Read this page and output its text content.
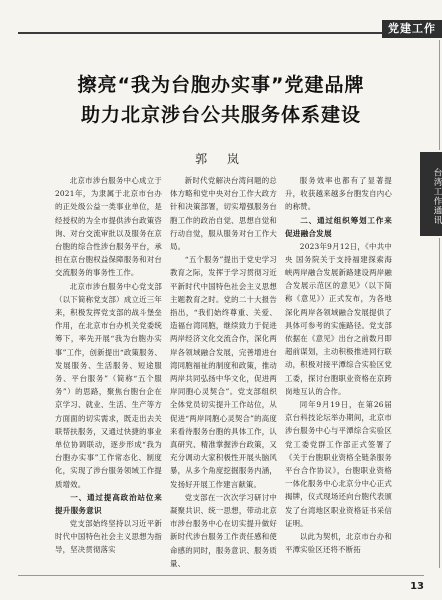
党建工作
擦亮“我为台胞办实事”党建品牌
助力北京涉台公共服务体系建设
郭 岚

北京市涉台服务中心成立于2021年，为隶属于北京市台办的正处级公益一类事业单位，是经授权的为全市提供涉台政策咨询、对台交流审批以及服务在京台胞的综合性涉台服务平台，承担在京台胞权益保障服务和对台交流服务的事务性工作。

北京市涉台服务中心党支部（以下简称党支部）成立近三年来，积极发挥党支部的战斗堡垒作用，在北京市台办机关党委统筹下，率先开展“我为台胞办实事”工作，创新提出“政策服务、发展服务、生活服务、短途服务、平台服务”（简称“五个服务”）的思路，聚焦台胞台企在京学习、就业、生活、生产等方方面面的切实需求，既走出去关联帮扶服务，又通过快捷的事业单位协调联动，逐步形成“我为台胞办实事”工作常态化、制度化，实现了涉台服务领域工作提质增效。

一、通过提高政治站位来提升服务意识

党支部始终坚持以习近平新时代中国特色社会主义思想为指导，坚决贯彻落实

新时代党解决台湾问题的总体方略和党中央对台工作大政方针和决策部署，切实增强服务台胞工作的政治自觉、思想自觉和行动自觉，服从服务对台工作大局。

“五个服务”提出于党史学习教育之际，发挥于学习贯彻习近平新时代中国特色社会主义思想主题教育之时。党的二十大报告指出，“我们始终尊重、关爱、造福台湾同胞，继续致力于促进两岸经济文化交流合作，深化两岸各领域融合发展，完善增进台湾同胞福祉的制度和政策，推动两岸共同弘扬中华文化，促进两岸同胞心灵契合”。党支部组织全体党员切实提升工作站位，从促进“两岸同胞心灵契合”的高度来看待服务台胞的具体工作，认真研究、精准掌握涉台政策，又充分调动大家积极性开展头脑风暴，从多个角度挖掘服务内涵，发扬好开展工作建言献策。

党支部在一次次学习研讨中凝聚共识、统一思想，带动北京市涉台服务中心在切实提升做好新时代涉台服务工作责任感和使命感的同时，服务意识、服务质量、

服务效率也都有了显著提升，收获越来越多台胞发自内心的称赞。

二、通过组织筹划工作来促进融合发展

2023年9月12日，《中共中央 国务院关于支持福建探索海峡两岸融合发展新路建设两岸融合发展示范区的意见》（以下简称《意见》）正式发布，为各地深化两岸各领域融合发展提供了具体可参考的实施路径。党支部依据在《意见》出台之前数月即超前谋划，主动积极推进同行联动，积极对接平潭综合实验区党工委，探讨台胞职业资格在京跨岗地互认的合作。

同年9月19日，在第26届京台科技论坛举办期间，北京市涉台服务中心与平潭综合实验区党工委党群工作部正式签署了《关于台胞职业资格全链条服务平台合作协议》，台胞职业资格一体化服务中心北京分中心正式揭牌，仪式现场还向台胞代表颁发了台湾地区职业资格证书采信证明。

以此为契机，北京市台办和平潭实验区还将不断拓

台湾工作通讯
13
